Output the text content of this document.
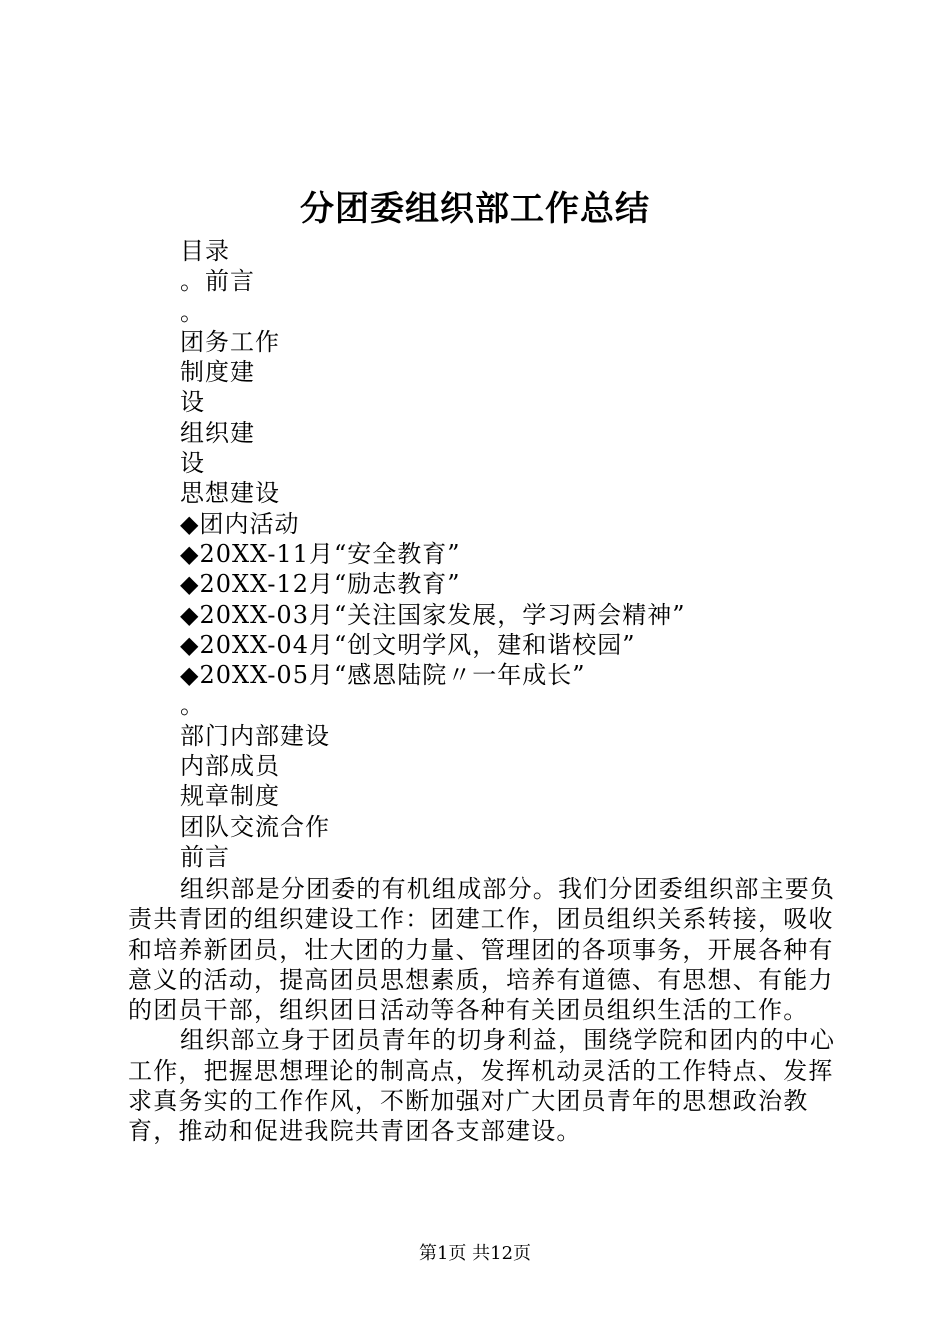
分团委组织部工作总结
目录
。前言
。
团务工作
制度建
设
组织建
设
思想建设
◆团内活动
◆20XX-11月“安全教育”
◆20XX-12月“励志教育”
◆20XX-03月“关注国家发展，学习两会精神”
◆20XX-04月“创文明学风，建和谐校园”
◆20XX-05月“感恩陆院〃一年成长”
。
部门内部建设
内部成员
规章制度
团队交流合作
前言

组织部是分团委的有机组成部分。我们分团委组织部主要负责共青团的组织建设工作：团建工作，团员组织关系转接，吸收和培养新团员，壮大团的力量、管理团的各项事务，开展各种有意义的活动，提高团员思想素质，培养有道德、有思想、有能力的团员干部，组织团日活动等各种有关团员组织生活的工作。

组织部立身于团员青年的切身利益，围绕学院和团内的中心工作，把握思想理论的制高点，发挥机动灵活的工作特点、发挥求真务实的工作作风，不断加强对广大团员青年的思想政治教育，推动和促进我院共青团各支部建设。

第1页 共12页
